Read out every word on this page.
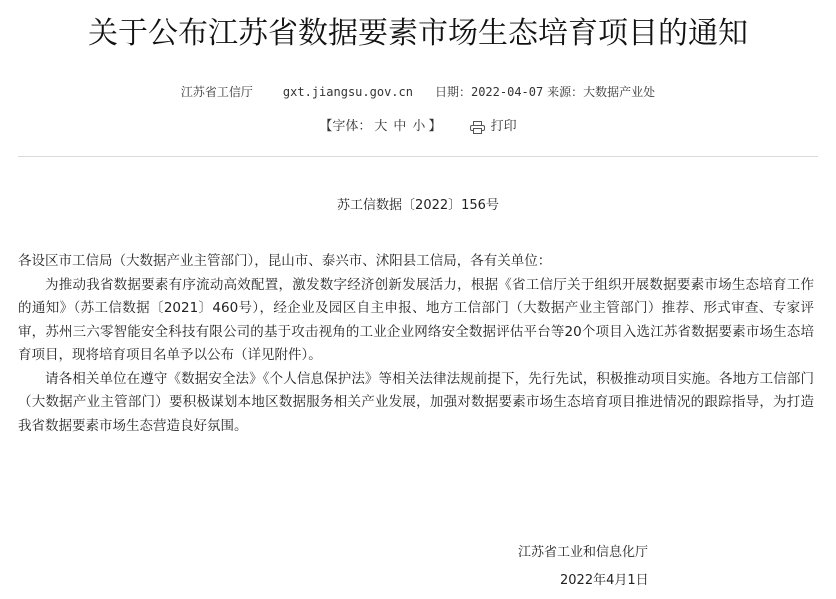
关于公布江苏省数据要素市场生态培育项目的通知
江苏省工信厅	gxt.jiangsu.gov.cn 日期：2022-04-07 来源：大数据产业处
【字体： 大 中 小 】	打印
苏工信数据〔2022〕156号

各设区市工信局（大数据产业主管部门），昆山市、泰兴市、沭阳县工信局，各有关单位：

为推动我省数据要素有序流动高效配置，激发数字经济创新发展活力，根据《省工信厅关于组织开展数据要素市场生态培育工作的通知》（苏工信数据〔2021〕460号），经企业及园区自主申报、地方工信部门（大数据产业主管部门）推荐、形式审查、专家评审，苏州三六零智能安全科技有限公司的基于攻击视角的工业企业网络安全数据评估平台等20个项目入选江苏省数据要素市场生态培育项目，现将培育项目名单予以公布（详见附件）。

请各相关单位在遵守《数据安全法》《个人信息保护法》等相关法律法规前提下，先行先试，积极推动项目实施。各地方工信部门（大数据产业主管部门）要积极谋划本地区数据服务相关产业发展，加强对数据要素市场生态培育项目推进情况的跟踪指导，为打造我省数据要素市场生态营造良好氛围。

江苏省工业和信息化厅
2022年4月1日
